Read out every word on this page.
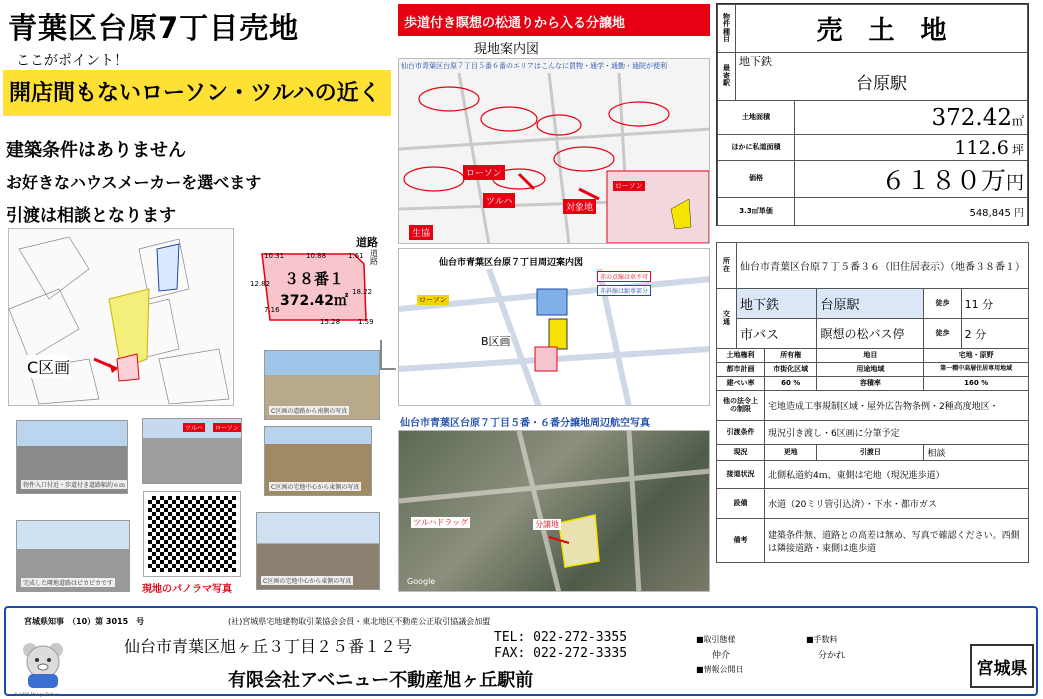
青葉区台原7丁目売地
ここがポイント！
開店間もないローソン・ツルハの近く
建築条件はありません
お好きなハウスメーカーを選べます
引渡は相談となります
C区画
10.31	10.88	1.61
12.82
18.22
7.16
15.28	1.59
３８番１
372.42㎡
道路
道路
C区画の道路から南側の写真
C区画の宅地中心から東側の写真
C区画の宅地中心から東側の写真
物件入口付近・歩道付き道路幅約６ｍ
ツルハ	ローソン
完成した隣地道路はピカピカです
現地のパノラマ写真
歩道付き瞑想の松通りから入る分譲地
現地案内図
仙台市青葉区台原７丁目５番６番のエリアはこんなに買物・通学・通勤・通院が便利
ローソン
ツルハ
対象地
生協
ローソン
仙台市青葉区台原７丁目周辺案内図
赤の点線は車不可
赤斜線は縮専部分
ローソン
B区画
仙台市青葉区台原７丁目５番・６番分譲地周辺航空写真
ツルハドラッグ	分譲地
Google
物件種目	売　土　地	
最寄駅	地下鉄
台原駅	

土地面積		372.42㎡
ほかに私道面積		112.6 坪
価格		６１８０万円
3.3㎡単価		548,845 円
所在	仙台市青葉区台原７丁５番３６（旧住居表示）（地番３８番１）				
交通	地下鉄		台原駅	徒歩	11 分
	市バス		瞑想の松バス停	徒歩	2 分
土地権利		所有権	地目	宅地・原野	
都市計画		市街化区域	用途地域	第一種中高層住居専用地域	
建ぺい率		60 %	容積率	160 %	
他の法令上の制限		宅地造成工事規制区域・屋外広告物条例・2種高度地区・			
引渡条件		現況引き渡し・6区画に分筆予定			
現況		更地	引渡日	相談	
接道状況		北側私道約4ｍ、東側は宅地（現況進歩道）			
設備		水道（20ミリ管引込済）・下水・都市ガス			
備考		建築条件無、道路との高差は無め、写真で確認ください。西側は隣接道路・東側は進歩道			
© 1998 Manga Torhun
宮城県知事　（10）第 3015　号	(社)宮城県宅地建物取引業協会会員・東北地区不動産公正取引協議会加盟
仙台市青葉区旭ヶ丘３丁目２５番１２号	TEL: 022-272-3355
FAX: 022-272-3335
有限会社アベニュー不動産旭ヶ丘駅前
■取引態様
仲介
■手数料
分かれ
■情報公開日	宮城県
